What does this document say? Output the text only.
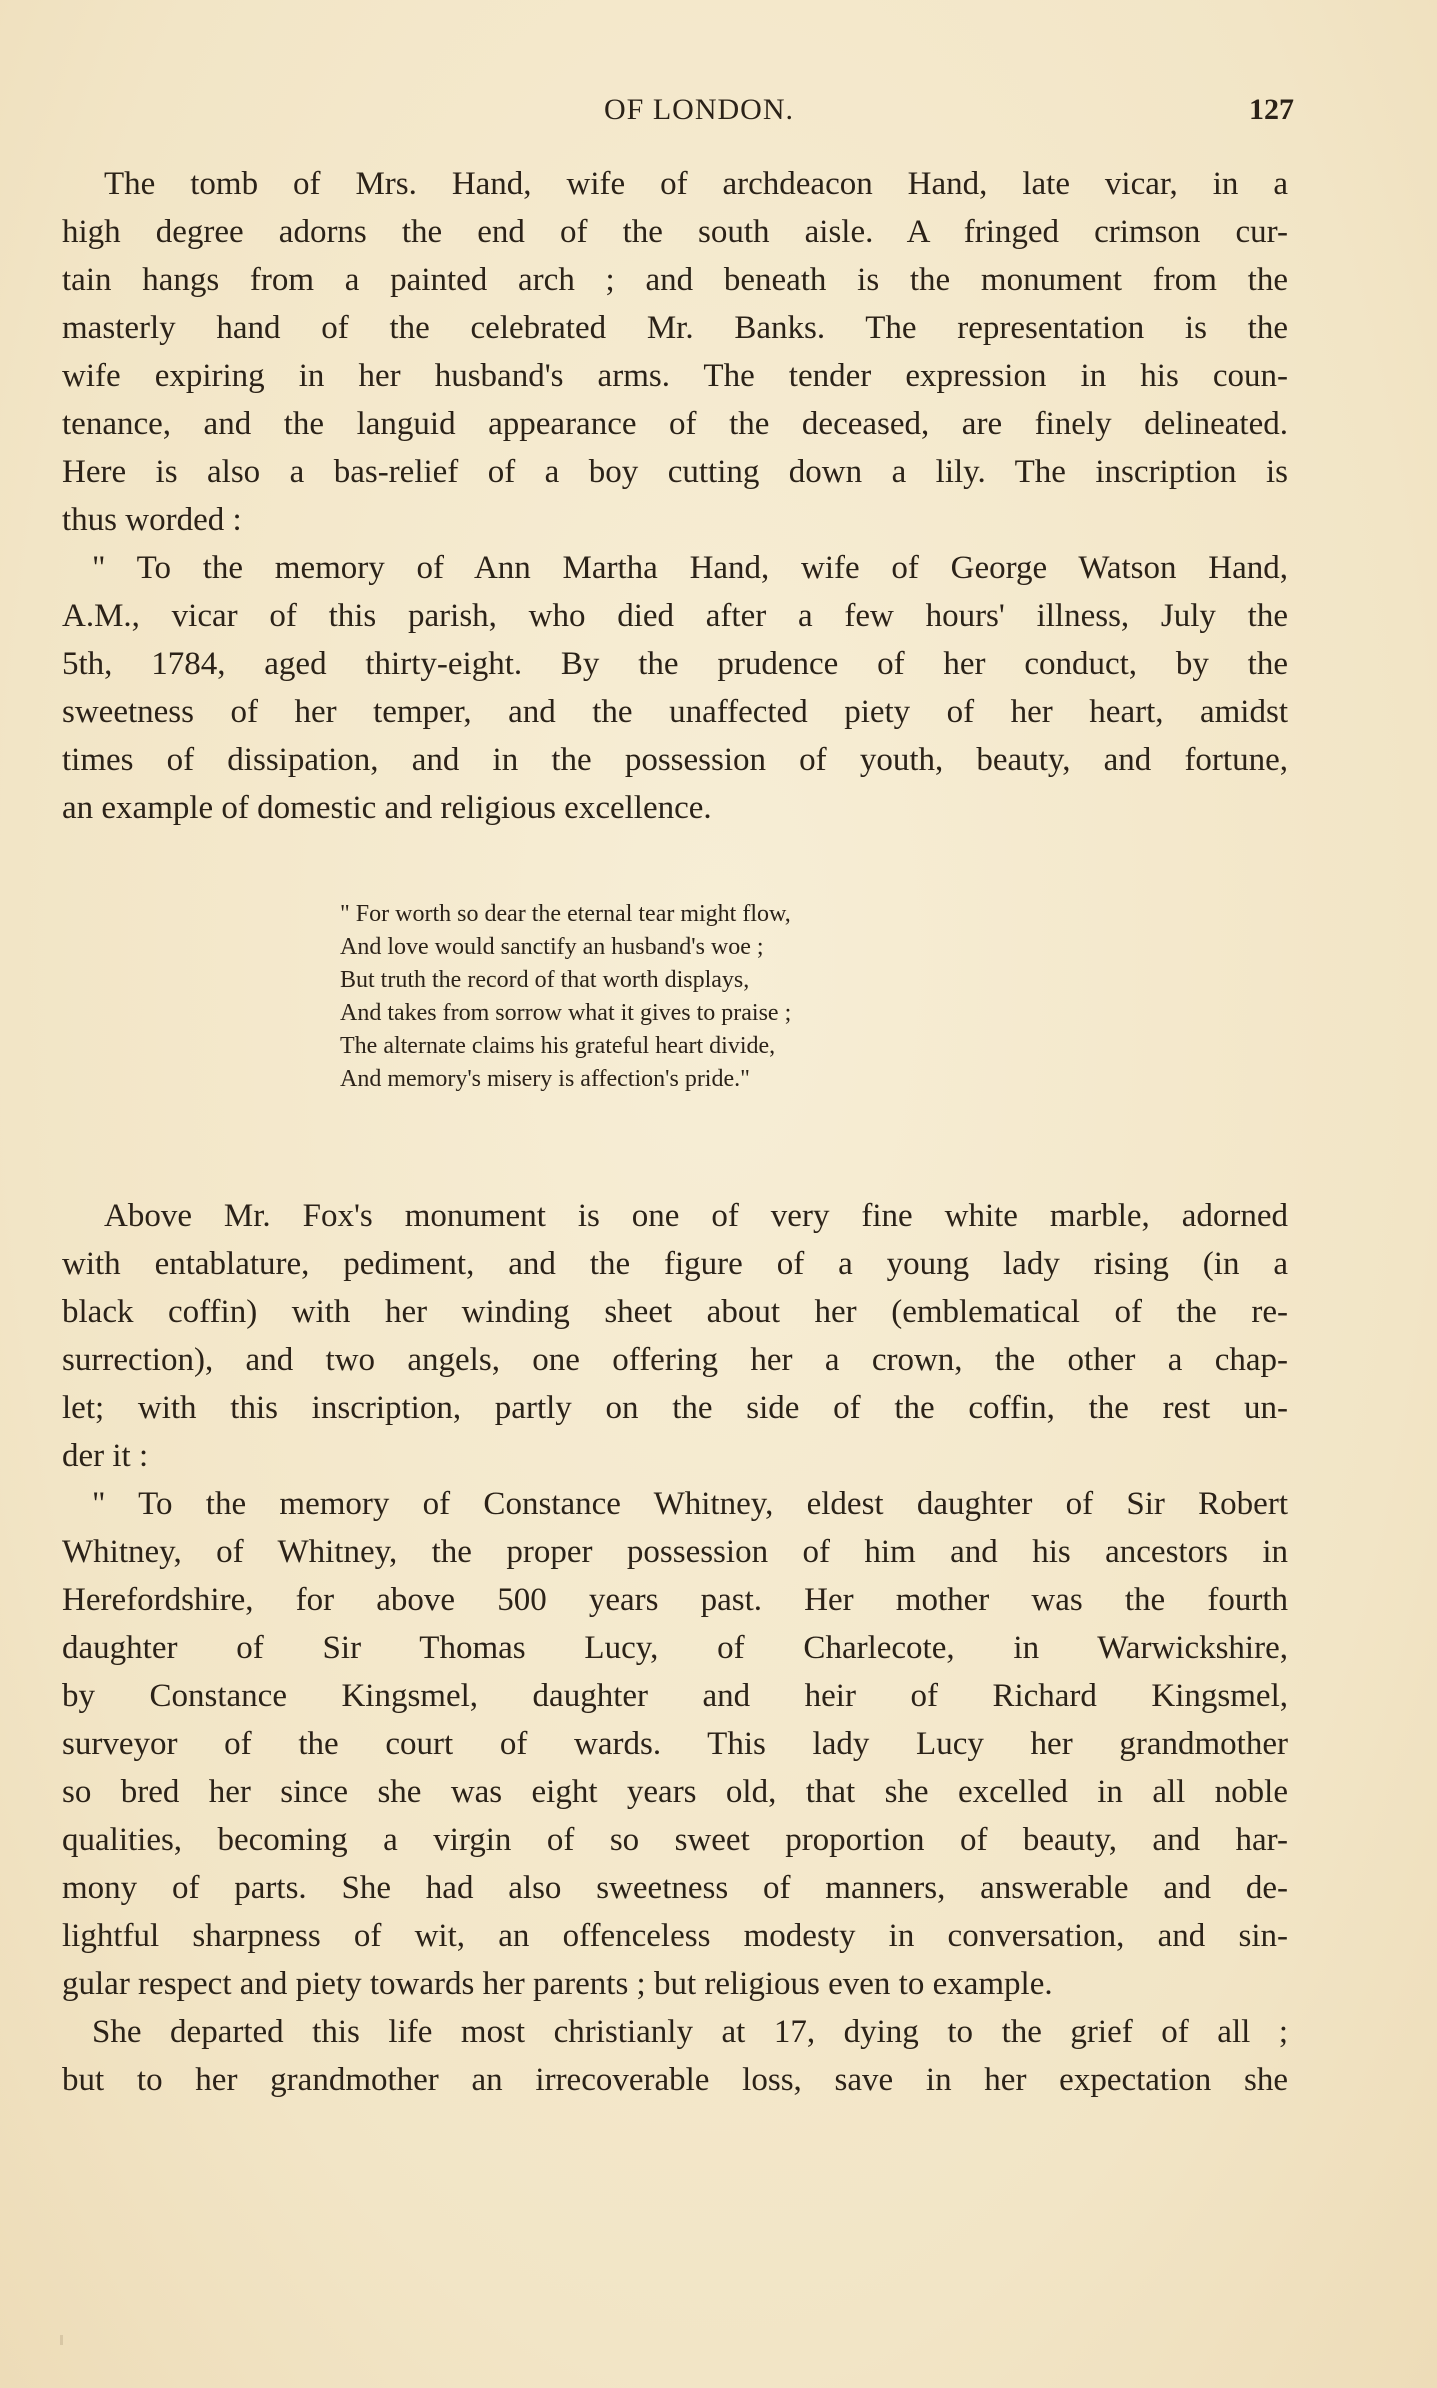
OF LONDON.	127
The tomb of Mrs. Hand, wife of archdeacon Hand, late vicar, in a
high degree adorns the end of the south aisle. A fringed crimson cur-
tain hangs from a painted arch ; and beneath is the monument from the
masterly hand of the celebrated Mr. Banks. The representation is the
wife expiring in her husband's arms. The tender expression in his coun-
tenance, and the languid appearance of the deceased, are finely delineated.
Here is also a bas-relief of a boy cutting down a lily. The inscription is
thus worded :
" To the memory of Ann Martha Hand, wife of George Watson Hand,
A.M., vicar of this parish, who died after a few hours' illness, July the
5th, 1784, aged thirty-eight. By the prudence of her conduct, by the
sweetness of her temper, and the unaffected piety of her heart, amidst
times of dissipation, and in the possession of youth, beauty, and fortune,
an example of domestic and religious excellence.
" For worth so dear the eternal tear might flow,
And love would sanctify an husband's woe ;
But truth the record of that worth displays,
And takes from sorrow what it gives to praise ;
The alternate claims his grateful heart divide,
And memory's misery is affection's pride."
Above Mr. Fox's monument is one of very fine white marble, adorned
with entablature, pediment, and the figure of a young lady rising (in a
black coffin) with her winding sheet about her (emblematical of the re-
surrection), and two angels, one offering her a crown, the other a chap-
let; with this inscription, partly on the side of the coffin, the rest un-
der it :
" To the memory of Constance Whitney, eldest daughter of Sir Robert
Whitney, of Whitney, the proper possession of him and his ancestors in
Herefordshire, for above 500 years past. Her mother was the fourth
daughter of Sir Thomas Lucy, of Charlecote, in Warwickshire,
by Constance Kingsmel, daughter and heir of Richard Kingsmel,
surveyor of the court of wards. This lady Lucy her grandmother
so bred her since she was eight years old, that she excelled in all noble
qualities, becoming a virgin of so sweet proportion of beauty, and har-
mony of parts. She had also sweetness of manners, answerable and de-
lightful sharpness of wit, an offenceless modesty in conversation, and sin-
gular respect and piety towards her parents ; but religious even to example.
She departed this life most christianly at 17, dying to the grief of all ;
but to her grandmother an irrecoverable loss, save in her expectation she
